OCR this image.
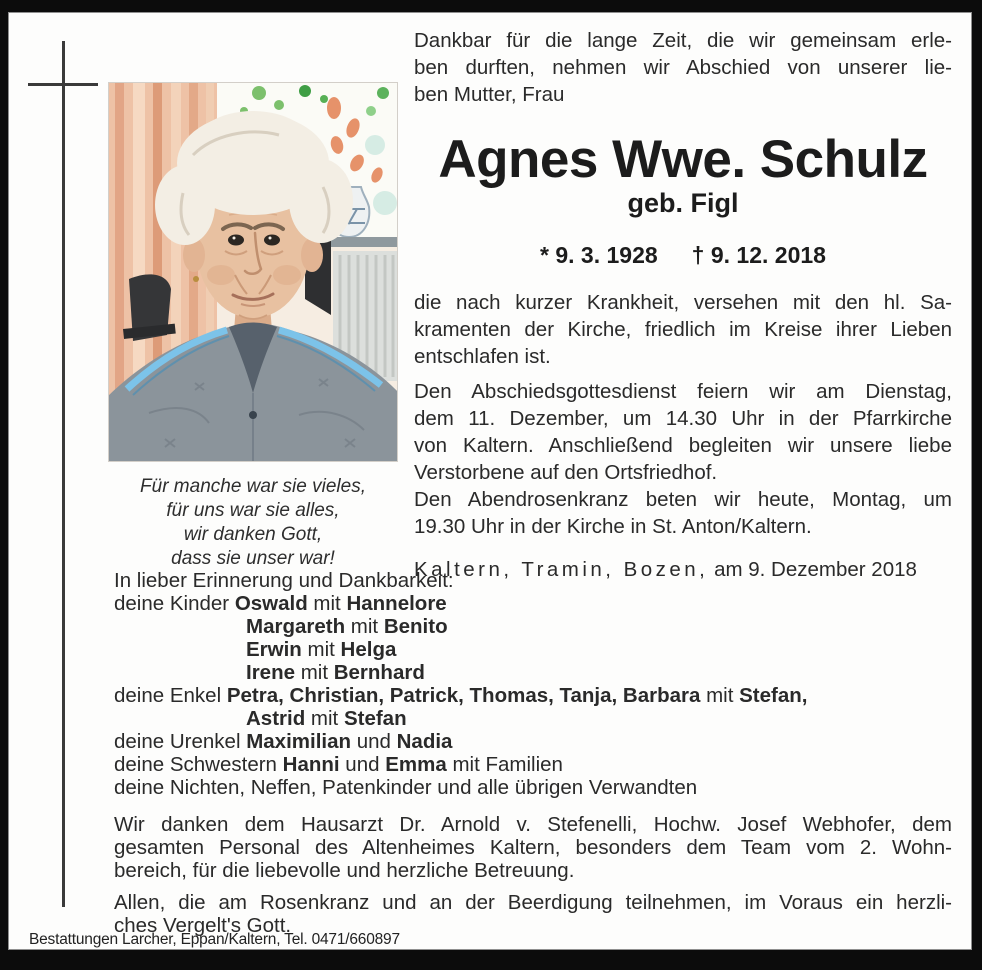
Für manche war sie vieles,
für uns war sie alles,
wir danken Gott,
dass sie unser war!
Dankbar für die lange Zeit, die wir gemeinsam erle-
ben durften, nehmen wir Abschied von unserer lie-
ben Mutter, Frau
Agnes Wwe. Schulz
geb. Figl
* 9. 3. 1928 † 9. 12. 2018
die nach kurzer Krankheit, versehen mit den hl. Sa-
kramenten der Kirche, friedlich im Kreise ihrer Lieben
entschlafen ist.
Den Abschiedsgottesdienst feiern wir am Dienstag,
dem 11. Dezember, um 14.30 Uhr in der Pfarrkirche
von Kaltern. Anschließend begleiten wir unsere liebe
Verstorbene auf den Ortsfriedhof.
Den Abendrosenkranz beten wir heute, Montag, um
19.30 Uhr in der Kirche in St. Anton/Kaltern.
Kaltern, Tramin, Bozen, am 9. Dezember 2018
In lieber Erinnerung und Dankbarkeit:
deine Kinder Oswald mit Hannelore
Margareth mit Benito
Erwin mit Helga
Irene mit Bernhard
deine Enkel Petra, Christian, Patrick, Thomas, Tanja, Barbara mit Stefan,
Astrid mit Stefan
deine Urenkel Maximilian und Nadia
deine Schwestern Hanni und Emma mit Familien
deine Nichten, Neffen, Patenkinder und alle übrigen Verwandten
Wir danken dem Hausarzt Dr. Arnold v. Stefenelli, Hochw. Josef Webhofer, dem
gesamten Personal des Altenheimes Kaltern, besonders dem Team vom 2. Wohn-
bereich, für die liebevolle und herzliche Betreuung.
Allen, die am Rosenkranz und an der Beerdigung teilnehmen, im Voraus ein herzli-
ches Vergelt's Gott.
Bestattungen Larcher, Eppan/Kaltern, Tel. 0471/660897
